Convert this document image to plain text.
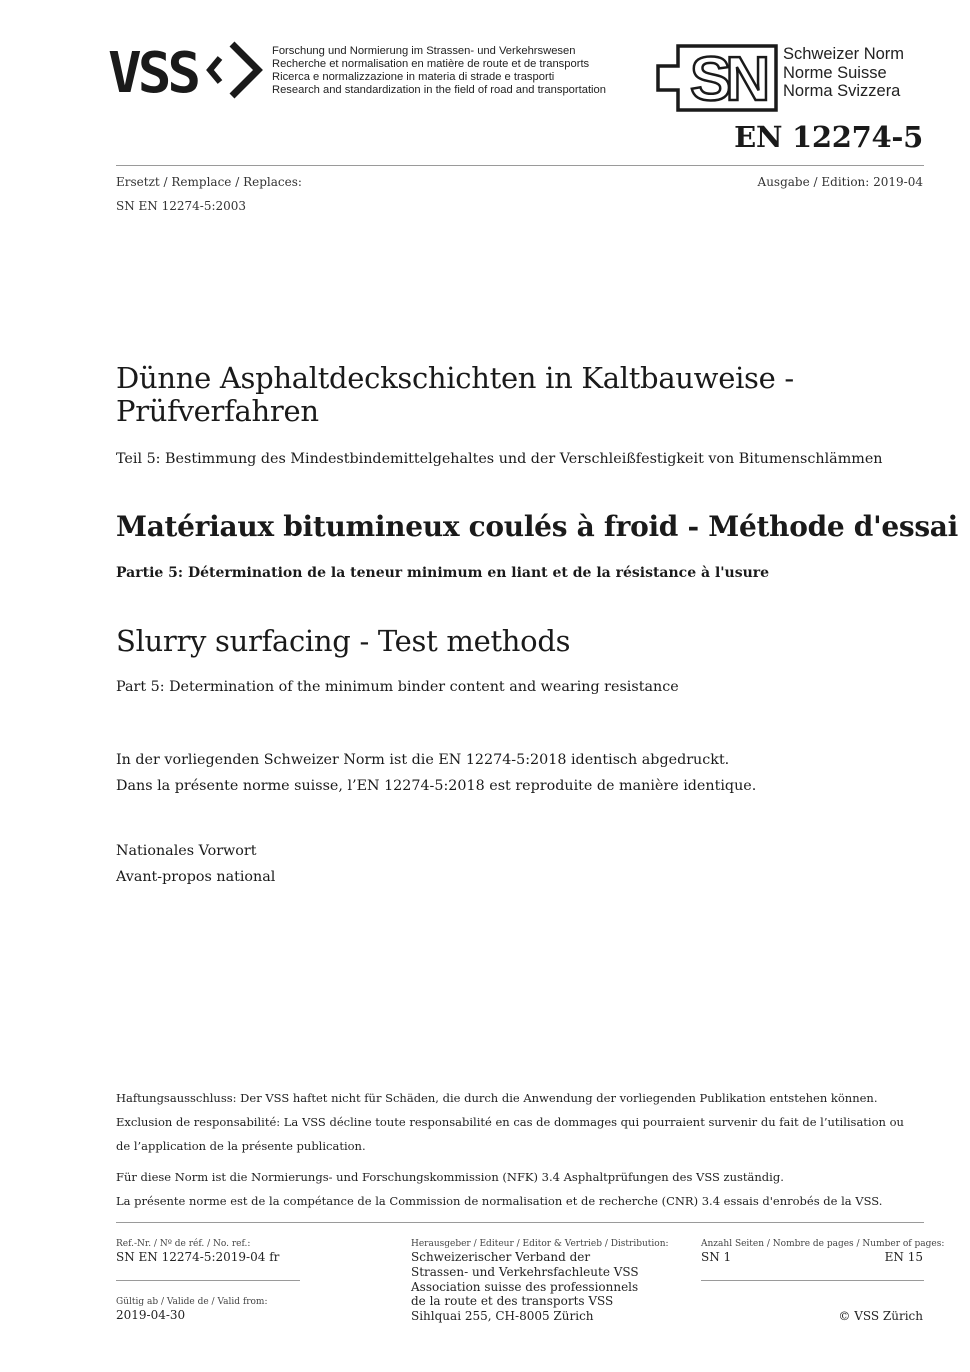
VSS	Forschung und Normierung im Strassen- und Verkehrswesen
Recherche et normalisation en matière de route et de transports
Ricerca e normalizzazione in materia di strade e trasporti
Research and standardization in the field of road and transportation SN Schweizer Norm
Norme Suisse
Norma Svizzera
EN 12274-5
Ersetzt / Remplace / Replaces:	Ausgabe / Edition: 2019-04
SN EN 12274-5:2003
Dünne Asphaltdeckschichten in Kaltbauweise -
Prüfverfahren
Teil 5: Bestimmung des Mindestbindemittelgehaltes und der Verschleißfestigkeit von Bitumenschlämmen
Matériaux bitumineux coulés à froid - Méthode d'essai
Partie 5: Détermination de la teneur minimum en liant et de la résistance à l'usure
Slurry surfacing - Test methods
Part 5: Determination of the minimum binder content and wearing resistance
In der vorliegenden Schweizer Norm ist die EN 12274-5:2018 identisch abgedruckt.
Dans la présente norme suisse, l’EN 12274-5:2018 est reproduite de manière identique.
Nationales Vorwort
Avant-propos national
Haftungsausschluss: Der VSS haftet nicht für Schäden, die durch die Anwendung der vorliegenden Publikation entstehen können.
Exclusion de responsabilité: La VSS décline toute responsabilité en cas de dommages qui pourraient survenir du fait de l’utilisation ou
de l’application de la présente publication.
Für diese Norm ist die Normierungs- und Forschungskommission (NFK) 3.4 Asphaltprüfungen des VSS zuständig.
La présente norme est de la compétance de la Commission de normalisation et de recherche (CNR) 3.4 essais d'enrobés de la VSS.
Ref.-Nr. / Nº de réf. / No. ref.:
SN EN 12274-5:2019-04 fr
Gültig ab / Valide de / Valid from:
2019-04-30
Herausgeber / Editeur / Editor & Vertrieb / Distribution:
Schweizerischer Verband der
Strassen- und Verkehrsfachleute VSS
Association suisse des professionnels
de la route et des transports VSS
Sihlquai 255, CH-8005 Zürich
Anzahl Seiten / Nombre de pages / Number of pages:
SN 1	EN 15
© VSS Zürich
